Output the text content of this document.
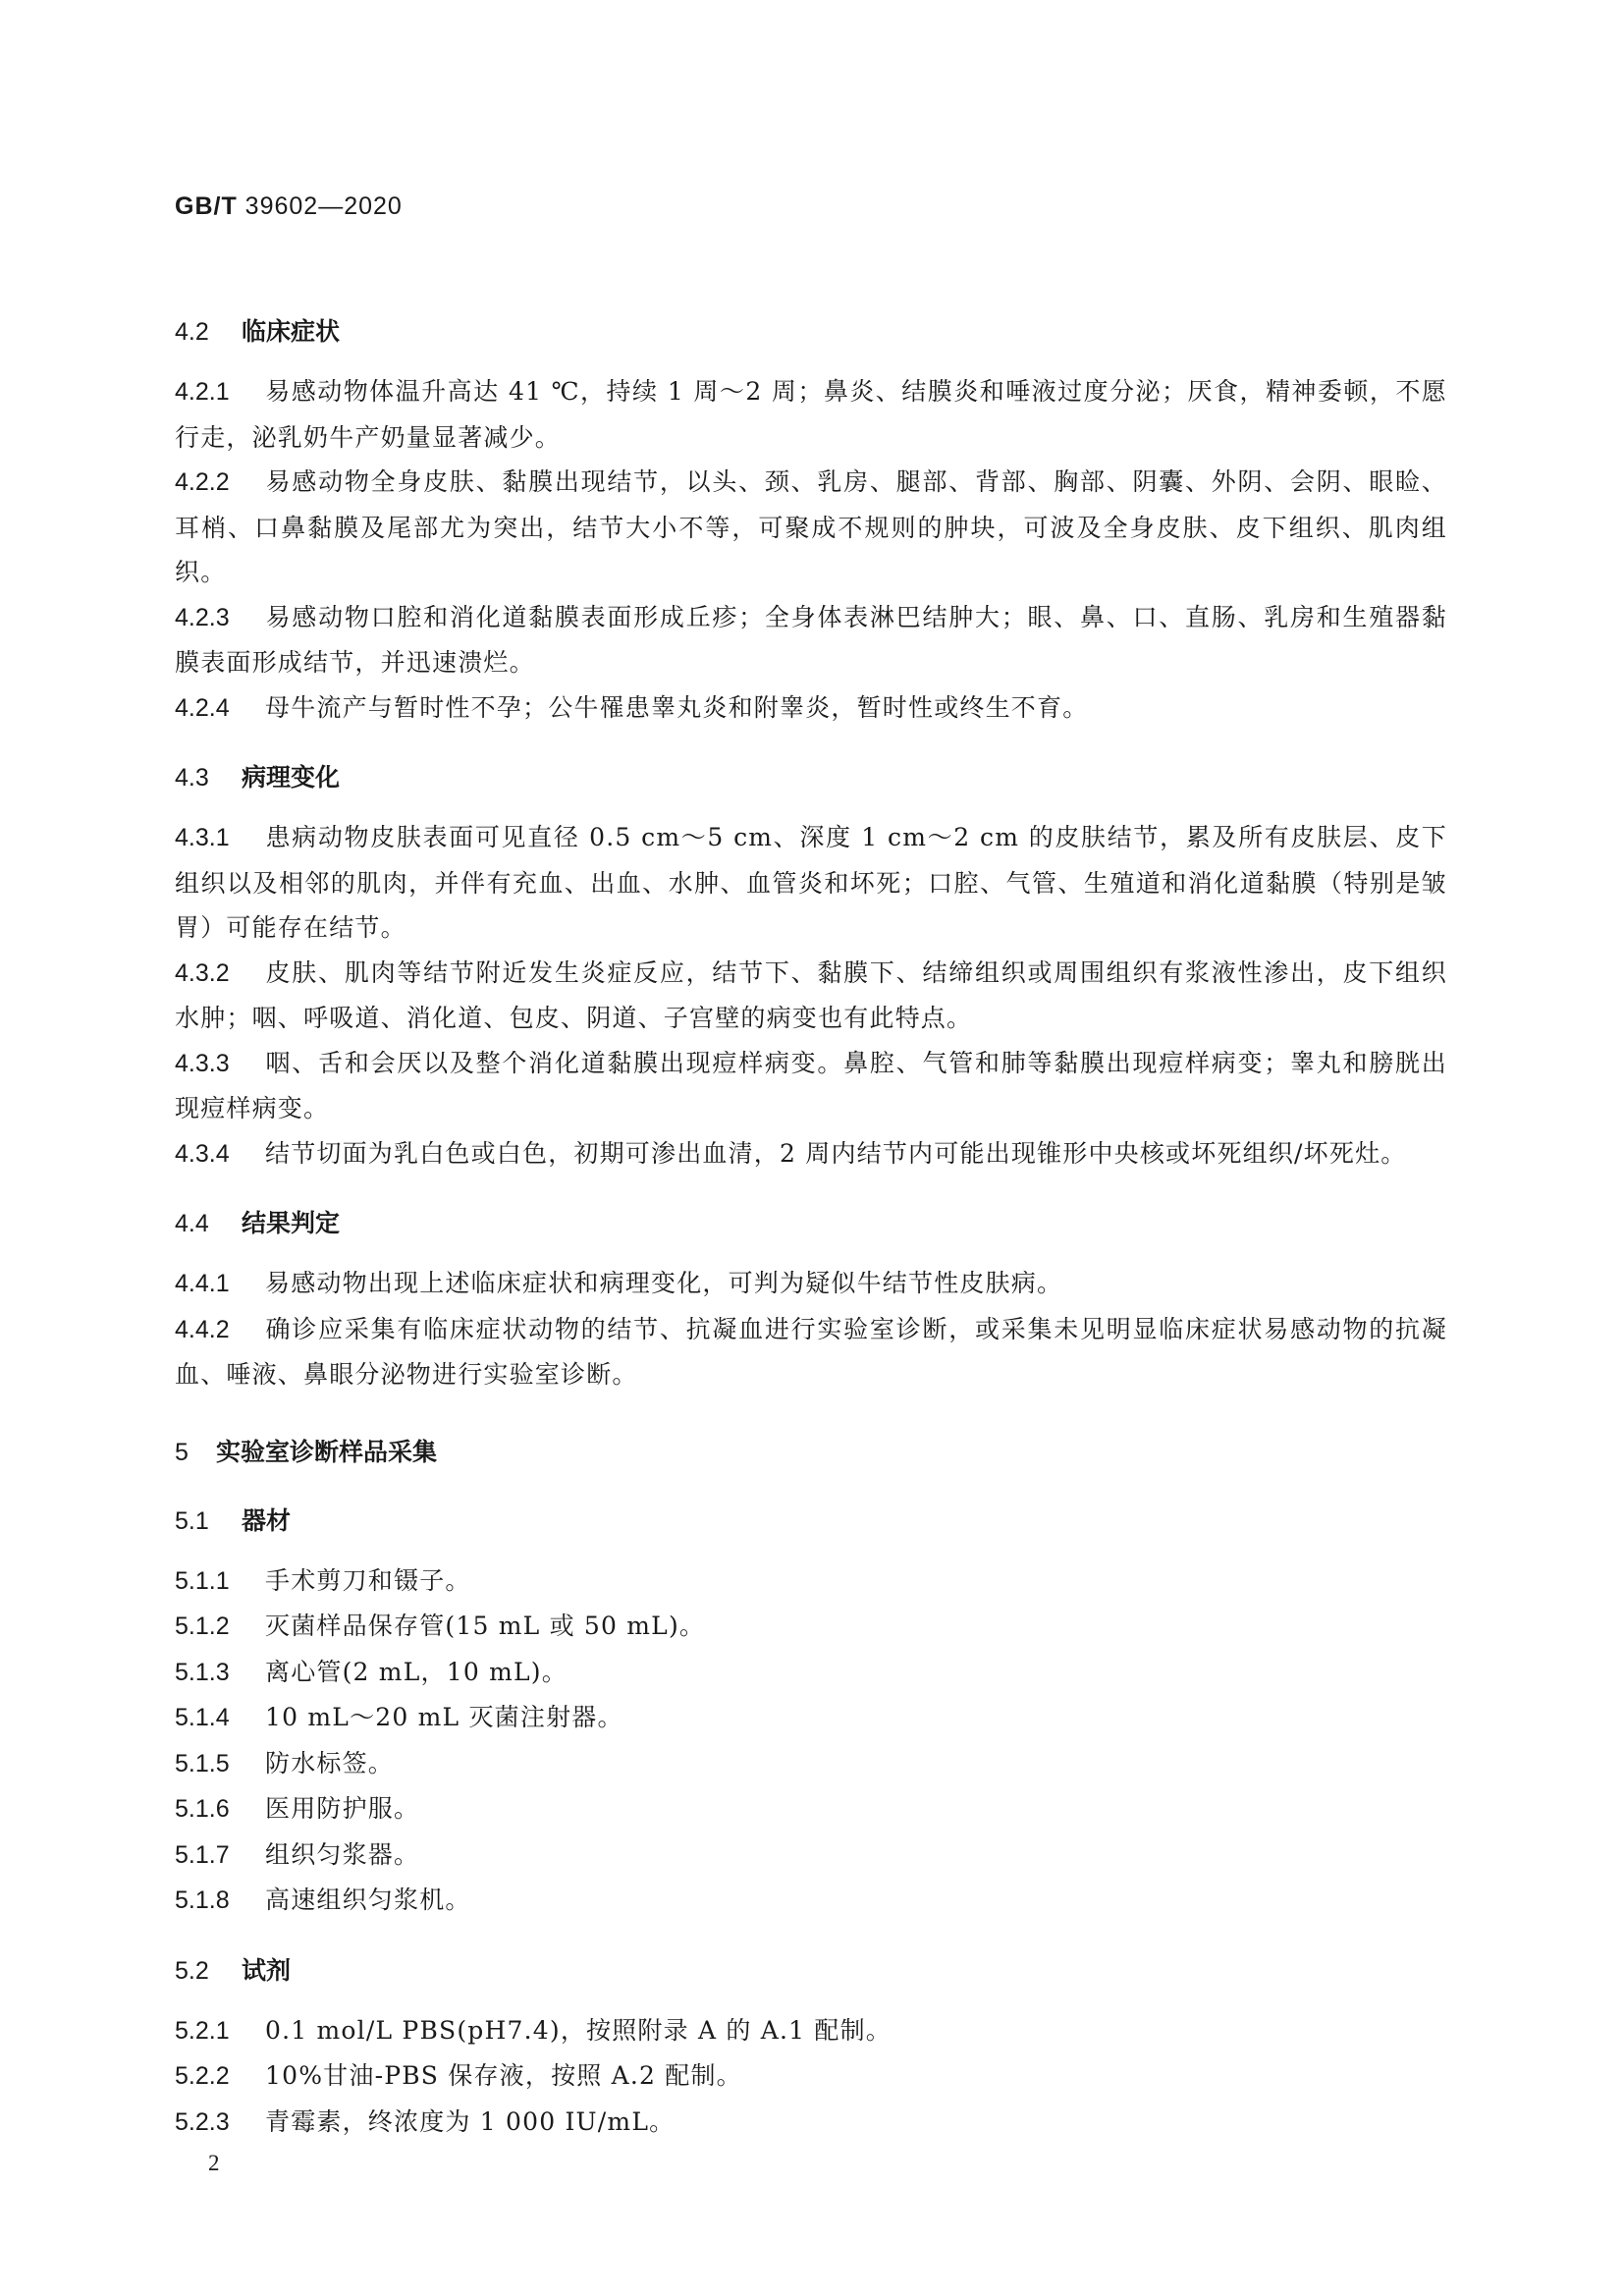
GB/T 39602—2020
4.2 临床症状
4.2.1 易感动物体温升高达 41 ℃，持续 1 周～2 周；鼻炎、结膜炎和唾液过度分泌；厌食，精神委顿，不愿行走，泌乳奶牛产奶量显著减少。
4.2.2 易感动物全身皮肤、黏膜出现结节，以头、颈、乳房、腿部、背部、胸部、阴囊、外阴、会阴、眼睑、耳梢、口鼻黏膜及尾部尤为突出，结节大小不等，可聚成不规则的肿块，可波及全身皮肤、皮下组织、肌肉组织。
4.2.3 易感动物口腔和消化道黏膜表面形成丘疹；全身体表淋巴结肿大；眼、鼻、口、直肠、乳房和生殖器黏膜表面形成结节，并迅速溃烂。
4.2.4 母牛流产与暂时性不孕；公牛罹患睾丸炎和附睾炎，暂时性或终生不育。
4.3 病理变化
4.3.1 患病动物皮肤表面可见直径 0.5 cm～5 cm、深度 1 cm～2 cm 的皮肤结节，累及所有皮肤层、皮下组织以及相邻的肌肉，并伴有充血、出血、水肿、血管炎和坏死；口腔、气管、生殖道和消化道黏膜（特别是皱胃）可能存在结节。
4.3.2 皮肤、肌肉等结节附近发生炎症反应，结节下、黏膜下、结缔组织或周围组织有浆液性渗出，皮下组织水肿；咽、呼吸道、消化道、包皮、阴道、子宫壁的病变也有此特点。
4.3.3 咽、舌和会厌以及整个消化道黏膜出现痘样病变。鼻腔、气管和肺等黏膜出现痘样病变；睾丸和膀胱出现痘样病变。
4.3.4 结节切面为乳白色或白色，初期可渗出血清，2 周内结节内可能出现锥形中央核或坏死组织/坏死灶。
4.4 结果判定
4.4.1 易感动物出现上述临床症状和病理变化，可判为疑似牛结节性皮肤病。
4.4.2 确诊应采集有临床症状动物的结节、抗凝血进行实验室诊断，或采集未见明显临床症状易感动物的抗凝血、唾液、鼻眼分泌物进行实验室诊断。
5 实验室诊断样品采集
5.1 器材
5.1.1 手术剪刀和镊子。
5.1.2 灭菌样品保存管(15 mL 或 50 mL)。
5.1.3 离心管(2 mL，10 mL)。
5.1.4 10 mL～20 mL 灭菌注射器。
5.1.5 防水标签。
5.1.6 医用防护服。
5.1.7 组织匀浆器。
5.1.8 高速组织匀浆机。
5.2 试剂
5.2.1 0.1 mol/L PBS(pH7.4)，按照附录 A 的 A.1 配制。
5.2.2 10%甘油-PBS 保存液，按照 A.2 配制。
5.2.3 青霉素，终浓度为 1 000 IU/mL。
2
